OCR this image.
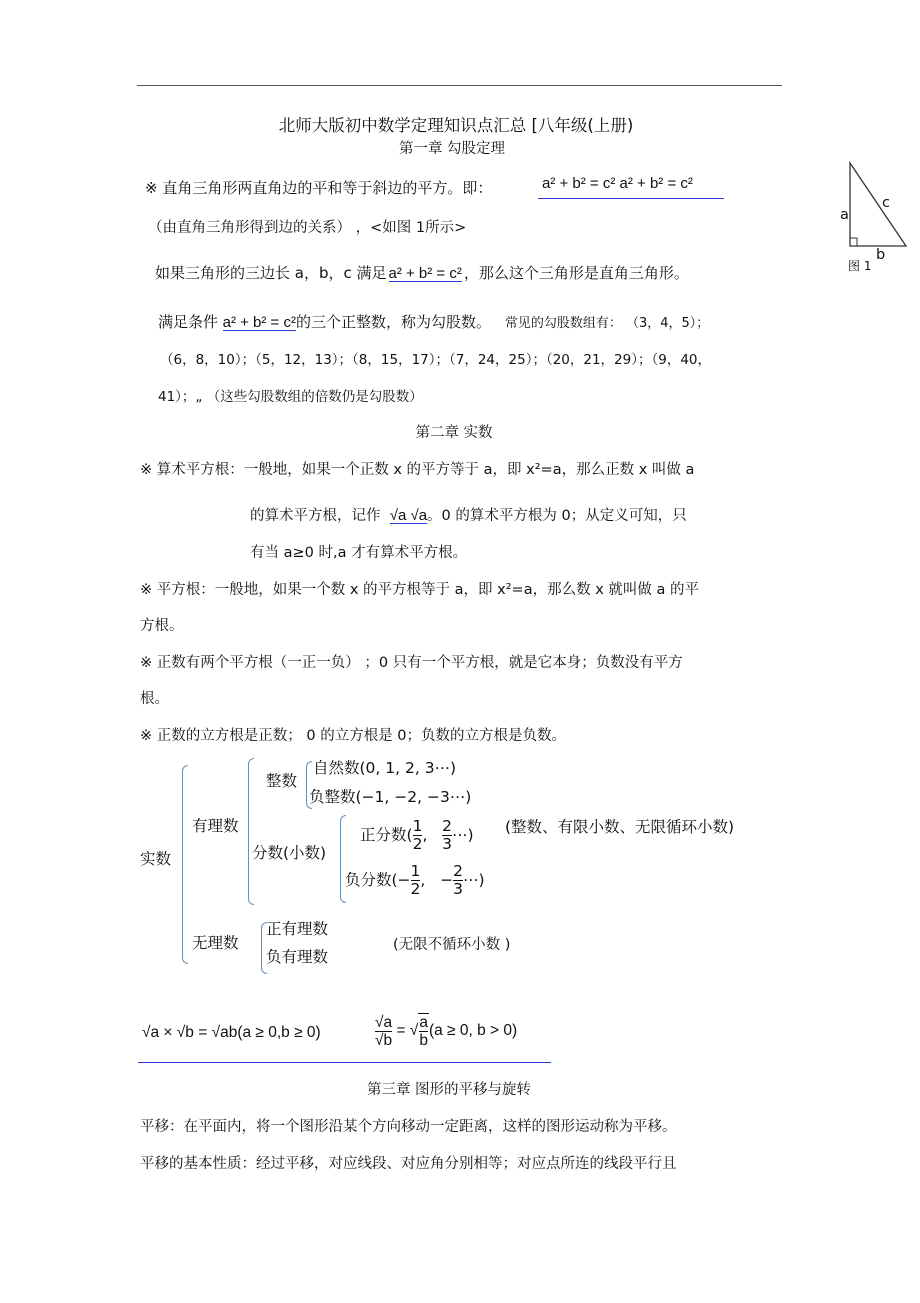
北师大版初中数学定理知识点汇总 [八年级(上册)
第一章 勾股定理
※ 直角三角形两直角边的平和等于斜边的平方。即：	a² + b² = c² a² + b² = c²
（由直角三角形得到边的关系） ，<如图 1所示>
如果三角形的三边长 a，b，c 满足 a² + b² = c² ，那么这个三角形是直角三角形。
满足条件 a² + b² = c²的三个正整数，称为勾股数。 常见的勾股数组有： （3，4，5）；
（6，8，10）；（5，12，13）；（8，15，17）；（7，24，25）；（20，21，29）；（9，40，
41）；„ （这些勾股数组的倍数仍是勾股数）
a
c
b
图 1
第二章 实数
※ 算术平方根：一般地，如果一个正数 x 的平方等于 a，即 x²=a，那么正数 x 叫做 a
的算术平方根，记作 √a √a。0 的算术平方根为 0；从定义可知，只
有当 a≥0 时,a 才有算术平方根。
※ 平方根：一般地，如果一个数 x 的平方根等于 a，即 x²=a，那么数 x 就叫做 a 的平
方根。
※ 正数有两个平方根（一正一负） ；0 只有一个平方根，就是它本身；负数没有平方
根。
※ 正数的立方根是正数； 0 的立方根是 0；负数的立方根是负数。
实数
有理数
整数
自然数(0, 1, 2, 3⋯)
负整数(−1, −2, −3⋯)
分数(小数)
正分数( $\frac{1}{2}$ , $\frac{2}{3}$ ⋯)
负分数(− $\frac{1}{2}$ ,   − $\frac{2}{3}$ ⋯)
(整数、有限小数、无限循环小数)
无理数
正有理数
负有理数
(无限不循环小数 )
√a × √b = √ab(a ≥ 0,b ≥ 0)	$\frac{√a}{√b}$ = √ $\frac{a}{b} (a \ge 0$, b > 0)
第三章 图形的平移与旋转
平移：在平面内，将一个图形沿某个方向移动一定距离，这样的图形运动称为平移。
平移的基本性质：经过平移，对应线段、对应角分别相等；对应点所连的线段平行且
